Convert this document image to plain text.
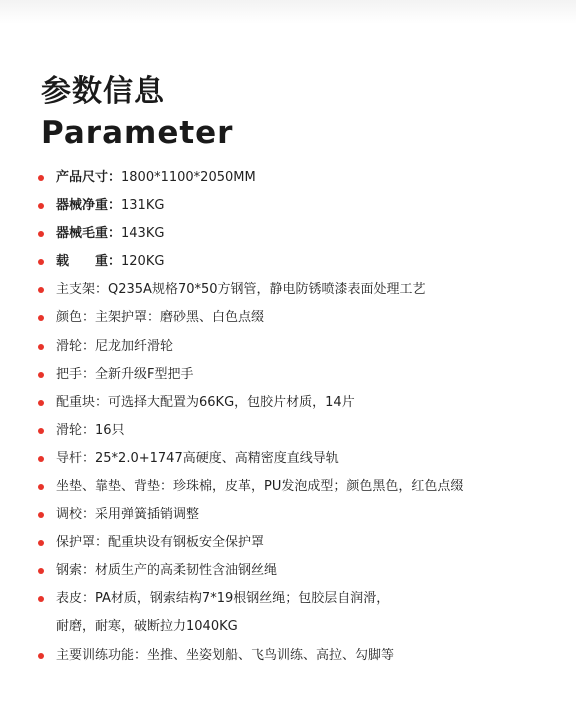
参数信息
Parameter
产品尺寸：1800*1100*2050MM
器械净重：131KG
器械毛重：143KG
载　　重：120KG
主支架：Q235A规格70*50方钢管，静电防锈喷漆表面处理工艺
颜色：主架护罩：磨砂黑、白色点缀
滑轮：尼龙加纤滑轮
把手：全新升级F型把手
配重块：可选择大配置为66KG，包胶片材质，14片
滑轮：16只
导杆：25*2.0+1747高硬度、高精密度直线导轨
坐垫、靠垫、背垫：珍珠棉，皮革，PU发泡成型；颜色黑色，红色点缀
调校：采用弹簧插销调整
保护罩：配重块设有钢板安全保护罩
钢索：材质生产的高柔韧性含油钢丝绳
表皮：PA材质，钢索结构7*19根钢丝绳；包胶层自润滑，
耐磨，耐寒，破断拉力1040KG
主要训练功能：坐推、坐姿划船、飞鸟训练、高拉、勾脚等
